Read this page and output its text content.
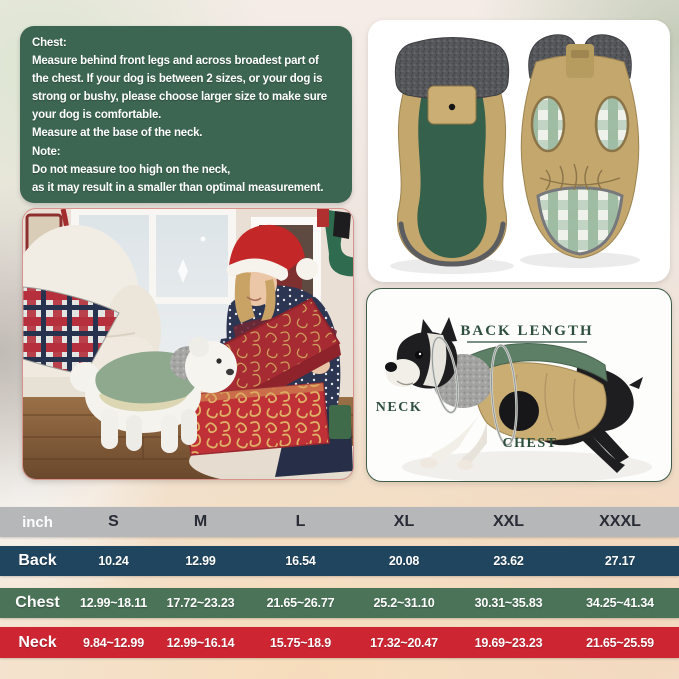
Chest:
Measure behind front legs and across broadest part of
the chest. If your dog is between 2 sizes, or your dog is
strong or bushy, please choose larger size to make sure
your dog is comfortable.
Measure at the base of the neck.
Note:
Do not measure too high on the neck,
as it may result in a smaller than optimal measurement.
BACK LENGTH
NECK
CHEST
inch	S	M	L	XL	XXL	XXXL
Back	10.24	12.99	16.54	20.08	23.62	27.17
Chest	12.99~18.11	17.72~23.23	21.65~26.77	25.2~31.10	30.31~35.83	34.25~41.34
Neck	9.84~12.99	12.99~16.14	15.75~18.9	17.32~20.47	19.69~23.23	21.65~25.59
